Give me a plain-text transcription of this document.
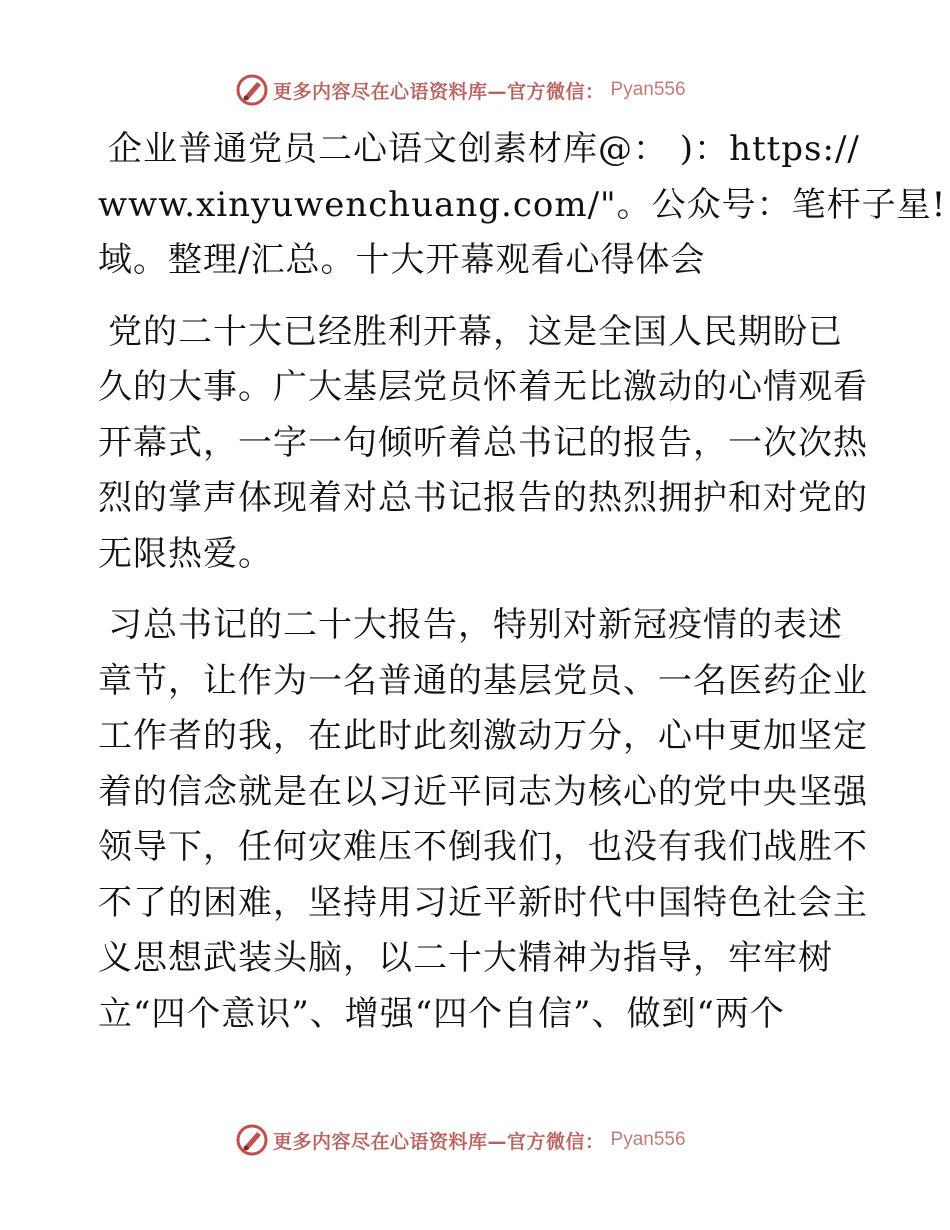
更多内容尽在心语资料库—官方微信： Pyan556

企业普通党员二心语文创素材库@： )：https://
www.xinyuwenchuang.com/"。公众号：笔杆子星!
域。整理/汇总。十大开幕观看心得体会

党的二十大已经胜利开幕，这是全国人民期盼已
久的大事。广大基层党员怀着无比激动的心情观看
开幕式，一字一句倾听着总书记的报告，一次次热
烈的掌声体现着对总书记报告的热烈拥护和对党的
无限热爱。

习总书记的二十大报告，特别对新冠疫情的表述
章节，让作为一名普通的基层党员、一名医药企业
工作者的我，在此时此刻激动万分，心中更加坚定
着的信念就是在以习近平同志为核心的党中央坚强
领导下，任何灾难压不倒我们，也没有我们战胜不
不了的困难，坚持用习近平新时代中国特色社会主
义思想武装头脑，以二十大精神为指导，牢牢树
立“四个意识”、增强“四个自信”、做到“两个

更多内容尽在心语资料库—官方微信： Pyan556
